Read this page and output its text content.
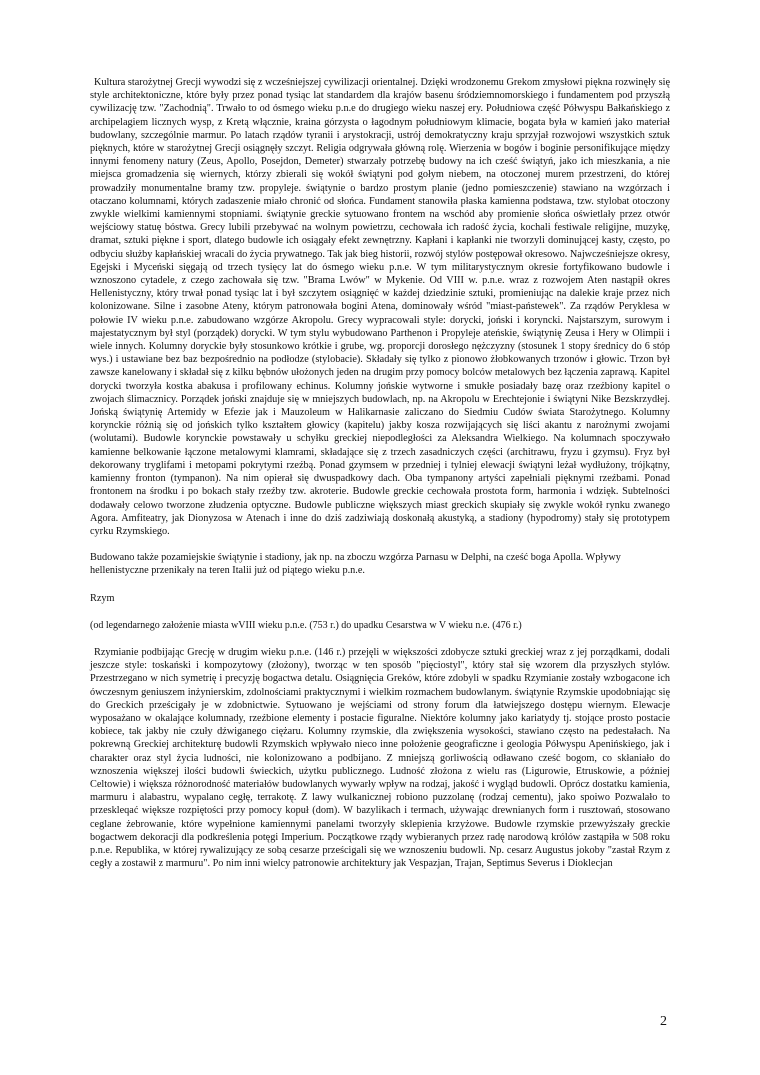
Kultura starożytnej Grecji wywodzi się z wcześniejszej cywilizacji orientalnej. Dzięki wrodzonemu Grekom zmysłowi piękna rozwinęły się style architektoniczne, które były przez ponad tysiąc lat standardem dla krajów basenu śródziemnomorskiego i fundamentem pod przyszłą cywilizację tzw. "Zachodnią". Trwało to od ósmego wieku p.n.e do drugiego wieku naszej ery. Południowa część Półwyspu Bałkańskiego z archipelagiem licznych wysp, z Kretą włącznie, kraina górzysta o łagodnym południowym klimacie, bogata była w kamień jako materiał budowlany, szczególnie marmur. Po latach rządów tyranii i arystokracji, ustrój demokratyczny kraju sprzyjał rozwojowi wszystkich sztuk pięknych, które w starożytnej Grecji osiągnęły szczyt. Religia odgrywała główną rolę. Wierzenia w bogów i boginie personifikujące między innymi fenomeny natury (Zeus, Apollo, Posejdon, Demeter) stwarzały potrzebę budowy na ich cześć świątyń, jako ich mieszkania, a nie miejsca gromadzenia się wiernych, którzy zbierali się wokół świątyni pod gołym niebem, na otoczonej murem przestrzeni, do której prowadziły monumentalne bramy tzw. propyleje. świątynie o bardzo prostym planie (jedno pomieszczenie) stawiano na wzgórzach i otaczano kolumnami, których zadaszenie miało chronić od słońca. Fundament stanowiła płaska kamienna podstawa, tzw. stylobat otoczony zwykle wielkimi kamiennymi stopniami. świątynie greckie sytuowano frontem na wschód aby promienie słońca oświetlały przez otwór wejściowy statuę bóstwa. Grecy lubili przebywać na wolnym powietrzu, cechowała ich radość życia, kochali festiwale religijne, muzykę, dramat, sztuki piękne i sport, dlatego budowle ich osiągały efekt zewnętrzny. Kapłani i kapłanki nie tworzyli dominującej kasty, często, po odbyciu służby kapłańskiej wracali do życia prywatnego. Tak jak bieg historii, rozwój stylów postępował okresowo. Najwcześniejsze okresy, Egejski i Myceński sięgają od trzech tysięcy lat do ósmego wieku p.n.e. W tym militarystycznym okresie fortyfikowano budowle i wznoszono cytadele, z czego zachowała się tzw. "Brama Lwów" w Mykenie. Od VIII w. p.n.e. wraz z rozwojem Aten nastąpił okres Hellenistyczny, który trwał ponad tysiąc lat i był szczytem osiągnięć w każdej dziedzinie sztuki, promieniując na dalekie kraje przez nich kolonizowane. Silne i zasobne Ateny, którym patronowała bogini Atena, dominowały wśród "miast-państewek". Za rządów Peryklesa w połowie IV wieku p.n.e. zabudowano wzgórze Akropolu. Grecy wypracowali style: dorycki, joński i koryncki. Najstarszym, surowym i majestatycznym był styl (porządek) dorycki. W tym stylu wybudowano Parthenon i Propyleje ateńskie, świątynię Zeusa i Hery w Olimpii i wiele innych. Kolumny doryckie były stosunkowo krótkie i grube, wg. proporcji dorosłego nężczyzny (stosunek 1 stopy średnicy do 6 stóp wys.) i ustawiane bez baz bezpośrednio na podłodze (stylobacie). Składały się tylko z pionowo żłobkowanych trzonów i głowic. Trzon był zawsze kanelowany i składał się z kilku bębnów ułożonych jeden na drugim przy pomocy bolców metalowych bez łączenia zaprawą. Kapitel dorycki tworzyła kostka abakusa i profilowany echinus. Kolumny jońskie wytworne i smukłe posiadały bazę oraz rzeźbiony kapitel o zwojach ślimacznicy. Porządek joński znajduje się w mniejszych budowlach, np. na Akropolu w Erechtejonie i świątyni Nike Bezskrzydłej. Jońską świątynię Artemidy w Efezie jak i Mauzoleum w Halikarnasie zaliczano do Siedmiu Cudów świata Starożytnego. Kolumny korynckie różnią się od jońskich tylko kształtem głowicy (kapitelu) jakby kosza rozwijających się liści akantu z narożnymi zwojami (wolutami). Budowle korynckie powstawały u schyłku greckiej niepodległości za Aleksandra Wielkiego. Na kolumnach spoczywało kamienne belkowanie łączone metalowymi klamrami, składające się z trzech zasadniczych części (architrawu, fryzu i gzymsu). Fryz był dekorowany tryglifami i metopami pokrytymi rzeźbą. Ponad gzymsem w przedniej i tylniej elewacji świątyni leżał wydłużony, trójkątny, kamienny fronton (tympanon). Na nim opierał się dwuspadkowy dach. Oba tympanony artyści zapełniali pięknymi rzeźbami. Ponad frontonem na środku i po bokach stały rzeźby tzw. akroterie. Budowle greckie cechowała prostota form, harmonia i wdzięk. Subtelności dodawały celowo tworzone złudzenia optyczne. Budowle publiczne większych miast greckich skupiały się zwykle wokół rynku zwanego Agora. Amfiteatry, jak Dionyzosa w Atenach i inne do dziś zadziwiają doskonałą akustyką, a stadiony (hypodromy) stały się prototypem cyrku Rzymskiego.

Budowano także pozamiejskie świątynie i stadiony, jak np. na zboczu wzgórza Parnasu w Delphi, na cześć boga Apolla. Wpływy hellenistyczne przenikały na teren Italii już od piątego wieku p.n.e.

Rzym

(od legendarnego założenie miasta wVIII wieku p.n.e. (753 r.) do upadku Cesarstwa w V wieku n.e. (476 r.)

Rzymianie podbijając Grecję w drugim wieku p.n.e. (146 r.) przejęli w większości zdobycze sztuki greckiej wraz z jej porządkami, dodali jeszcze style: toskański i kompozytowy (złożony), tworząc w ten sposób "pięciostyl", który stał się wzorem dla przyszłych stylów. Przestrzegano w nich symetrię i precyzję bogactwa detalu. Osiągnięcia Greków, które zdobyli w spadku Rzymianie zostały wzbogacone ich ówczesnym geniuszem inżynierskim, zdolnościami praktycznymi i wielkim rozmachem budowlanym. świątynie Rzymskie upodobniając się do Greckich prześcigały je w zdobnictwie. Sytuowano je wejściami od strony forum dla łatwiejszego dostępu wiernym. Elewacje wyposażano w okalające kolumnady, rzeźbione elementy i postacie figuralne. Niektóre kolumny jako kariatydy tj. stojące prosto postacie kobiece, tak jakby nie czuły dźwiganego ciężaru. Kolumny rzymskie, dla zwiększenia wysokości, stawiano często na pedestałach. Na pokrewną Greckiej architekturę budowli Rzymskich wpływało nieco inne położenie geograficzne i geologia Półwyspu Apenińskiego, jak i charakter oraz styl życia ludności, nie kolonizowano a podbijano. Z mniejszą gorliwością odławano cześć bogom, co skłaniało do wznoszenia większej ilości budowli świeckich, użytku publicznego. Ludność złożona z wielu ras (Ligurowie, Etruskowie, a później Celtowie) i większa różnorodność materiałów budowlanych wywarły wpływ na rodzaj, jakość i wygląd budowli. Oprócz dostatku kamienia, marmuru i alabastru, wypalano cegłę, terrakotę. Z lawy wulkanicznej robiono puzzolanę (rodzaj cementu), jako spoiwo Pozwalało to przeskleqać większe rozpiętości przy pomocy kopuł (dom). W bazylikach i termach, używając drewnianych form i rusztowań, stosowano ceglane żebrowanie, które wypełnione kamiennymi panelami tworzyły sklepienia krzyżowe. Budowle rzymskie przewyższały greckie bogactwem dekoracji dla podkreślenia potęgi Imperium. Początkowe rządy wybieranych przez radę narodową królów zastąpiła w 508 roku p.n.e. Republika, w której rywalizujący ze sobą cesarze prześcigali się we wznoszeniu budowli. Np. cesarz Augustus jokoby "zastał Rzym z cegły a zostawił z marmuru". Po nim inni wielcy patronowie architektury jak Vespazjan, Trajan, Septimus Severus i Dioklecjan

2
